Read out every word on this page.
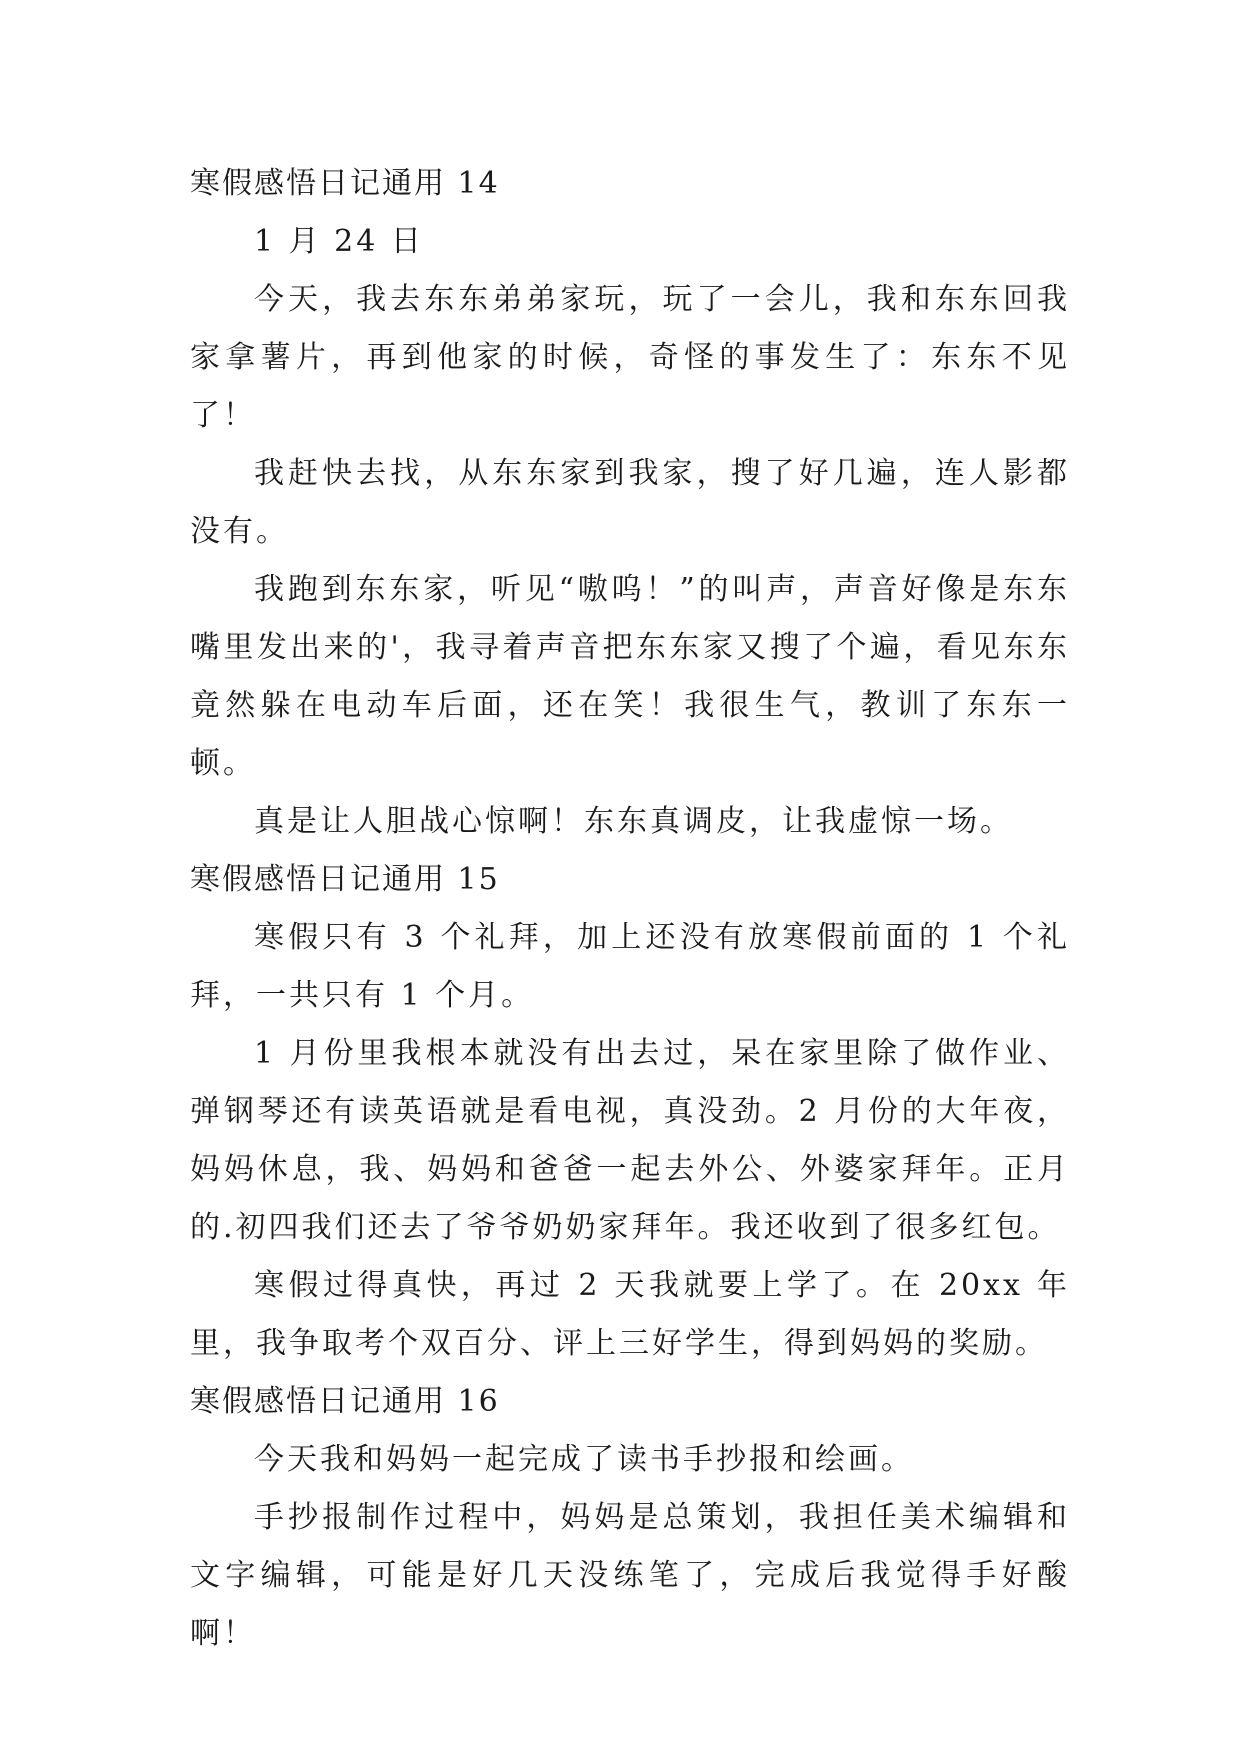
寒假感悟日记通用 14

1 月 24 日

今天，我去东东弟弟家玩，玩了一会儿，我和东东回我家拿薯片，再到他家的时候，奇怪的事发生了：东东不见了！

我赶快去找，从东东家到我家，搜了好几遍，连人影都没有。

我跑到东东家，听见“嗷呜！”的叫声，声音好像是东东嘴里发出来的'，我寻着声音把东东家又搜了个遍，看见东东竟然躲在电动车后面，还在笑！我很生气，教训了东东一顿。

真是让人胆战心惊啊！东东真调皮，让我虚惊一场。

寒假感悟日记通用 15

寒假只有 3 个礼拜，加上还没有放寒假前面的 1 个礼拜，一共只有 1 个月。

1 月份里我根本就没有出去过，呆在家里除了做作业、弹钢琴还有读英语就是看电视，真没劲。2 月份的大年夜，妈妈休息，我、妈妈和爸爸一起去外公、外婆家拜年。正月的.初四我们还去了爷爷奶奶家拜年。我还收到了很多红包。

寒假过得真快，再过 2 天我就要上学了。在 20xx 年里，我争取考个双百分、评上三好学生，得到妈妈的奖励。

寒假感悟日记通用 16

今天我和妈妈一起完成了读书手抄报和绘画。

手抄报制作过程中，妈妈是总策划，我担任美术编辑和文字编辑，可能是好几天没练笔了，完成后我觉得手好酸啊！
